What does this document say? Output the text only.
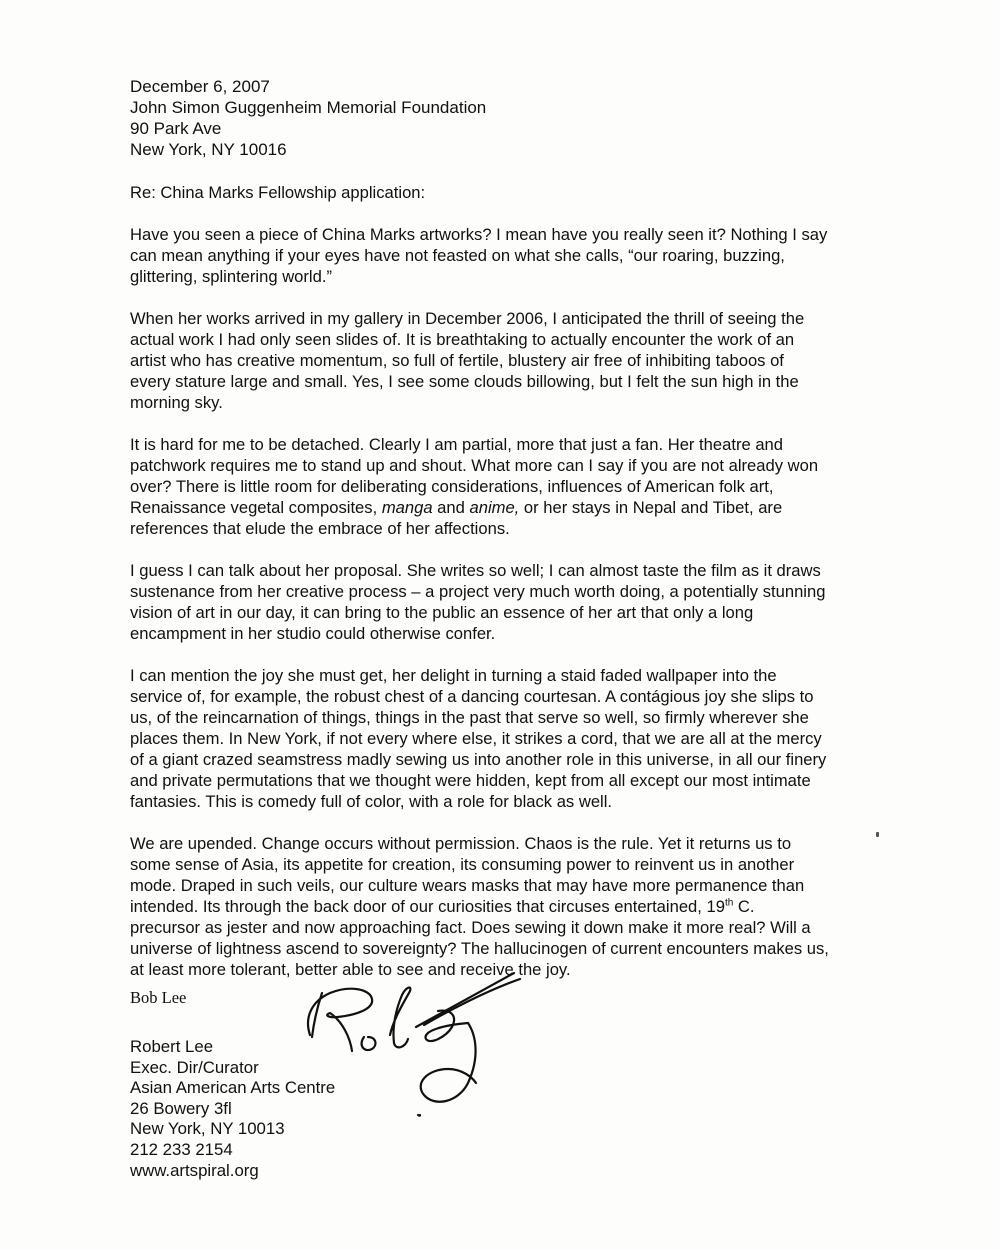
December 6, 2007
John Simon Guggenheim Memorial Foundation
90 Park Ave
New York, NY 10016
Re: China Marks Fellowship application:
Have you seen a piece of China Marks artworks? I mean have you really seen it? Nothing I say
can mean anything if your eyes have not feasted on what she calls, “our roaring, buzzing,
glittering, splintering world.”
When her works arrived in my gallery in December 2006, I anticipated the thrill of seeing the
actual work I had only seen slides of. It is breathtaking to actually encounter the work of an
artist who has creative momentum, so full of fertile, blustery air free of inhibiting taboos of
every stature large and small. Yes, I see some clouds billowing, but I felt the sun high in the
morning sky.
It is hard for me to be detached. Clearly I am partial, more that just a fan. Her theatre and
patchwork requires me to stand up and shout. What more can I say if you are not already won
over? There is little room for deliberating considerations, influences of American folk art,
Renaissance vegetal composites, manga and anime, or her stays in Nepal and Tibet, are
references that elude the embrace of her affections.
I guess I can talk about her proposal. She writes so well; I can almost taste the film as it draws
sustenance from her creative process – a project very much worth doing, a potentially stunning
vision of art in our day, it can bring to the public an essence of her art that only a long
encampment in her studio could otherwise confer.
I can mention the joy she must get, her delight in turning a staid faded wallpaper into the
service of, for example, the robust chest of a dancing courtesan. A contágious joy she slips to
us, of the reincarnation of things, things in the past that serve so well, so firmly wherever she
places them. In New York, if not every where else, it strikes a cord, that we are all at the mercy
of a giant crazed seamstress madly sewing us into another role in this universe, in all our finery
and private permutations that we thought were hidden, kept from all except our most intimate
fantasies. This is comedy full of color, with a role for black as well.
We are upended. Change occurs without permission. Chaos is the rule. Yet it returns us to
some sense of Asia, its appetite for creation, its consuming power to reinvent us in another
mode. Draped in such veils, our culture wears masks that may have more permanence than
intended. Its through the back door of our curiosities that circuses entertained, 19th C.
precursor as jester and now approaching fact. Does sewing it down make it more real? Will a
universe of lightness ascend to sovereignty? The hallucinogen of current encounters makes us,
at least more tolerant, better able to see and receive the joy.
Bob Lee
Robert Lee
Exec. Dir/Curator
Asian American Arts Centre
26 Bowery 3fl
New York, NY 10013
212 233 2154
www.artspiral.org
